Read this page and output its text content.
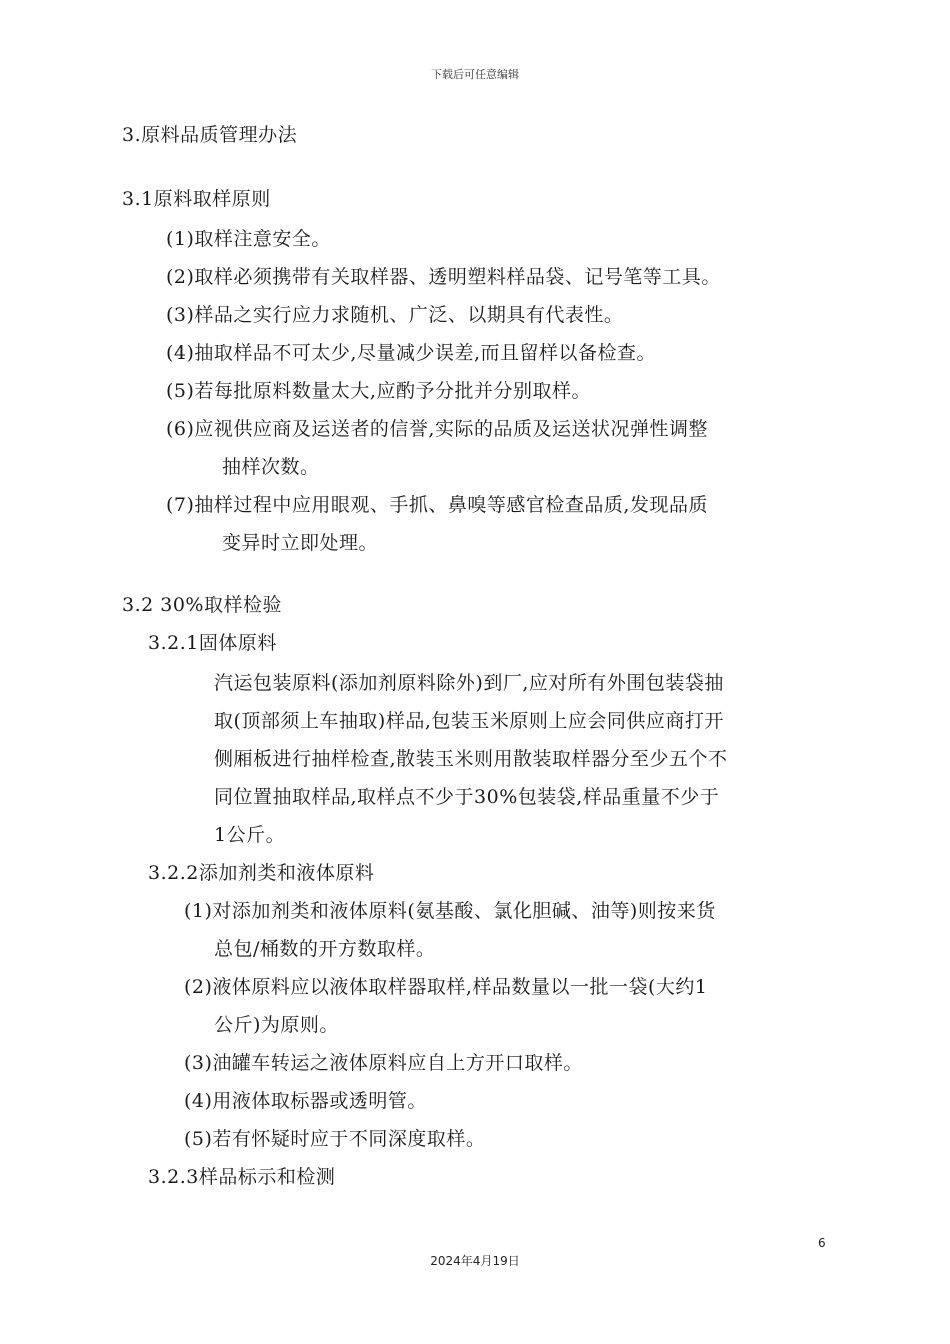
下载后可任意编辑
3.原料品质管理办法
3.1原料取样原则
(1)取样注意安全。
(2)取样必须携带有关取样器、透明塑料样品袋、记号笔等工具。
(3)样品之实行应力求随机、广泛、以期具有代表性。
(4)抽取样品不可太少,尽量减少误差,而且留样以备检查。
(5)若每批原料数量太大,应酌予分批并分别取样。
(6)应视供应商及运送者的信誉,实际的品质及运送状况弹性调整
抽样次数。
(7)抽样过程中应用眼观、手抓、鼻嗅等感官检查品质,发现品质
变异时立即处理。
3.2 30%取样检验
3.2.1固体原料
汽运包装原料(添加剂原料除外)到厂,应对所有外围包装袋抽
取(顶部须上车抽取)样品,包装玉米原则上应会同供应商打开
侧厢板进行抽样检查,散装玉米则用散装取样器分至少五个不
同位置抽取样品,取样点不少于30%包装袋,样品重量不少于
1公斤。
3.2.2添加剂类和液体原料
(1)对添加剂类和液体原料(氨基酸、氯化胆碱、油等)则按来货
总包/桶数的开方数取样。
(2)液体原料应以液体取样器取样,样品数量以一批一袋(大约1
公斤)为原则。
(3)油罐车转运之液体原料应自上方开口取样。
(4)用液体取标器或透明管。
(5)若有怀疑时应于不同深度取样。
3.2.3样品标示和检测
6
2024年4月19日
